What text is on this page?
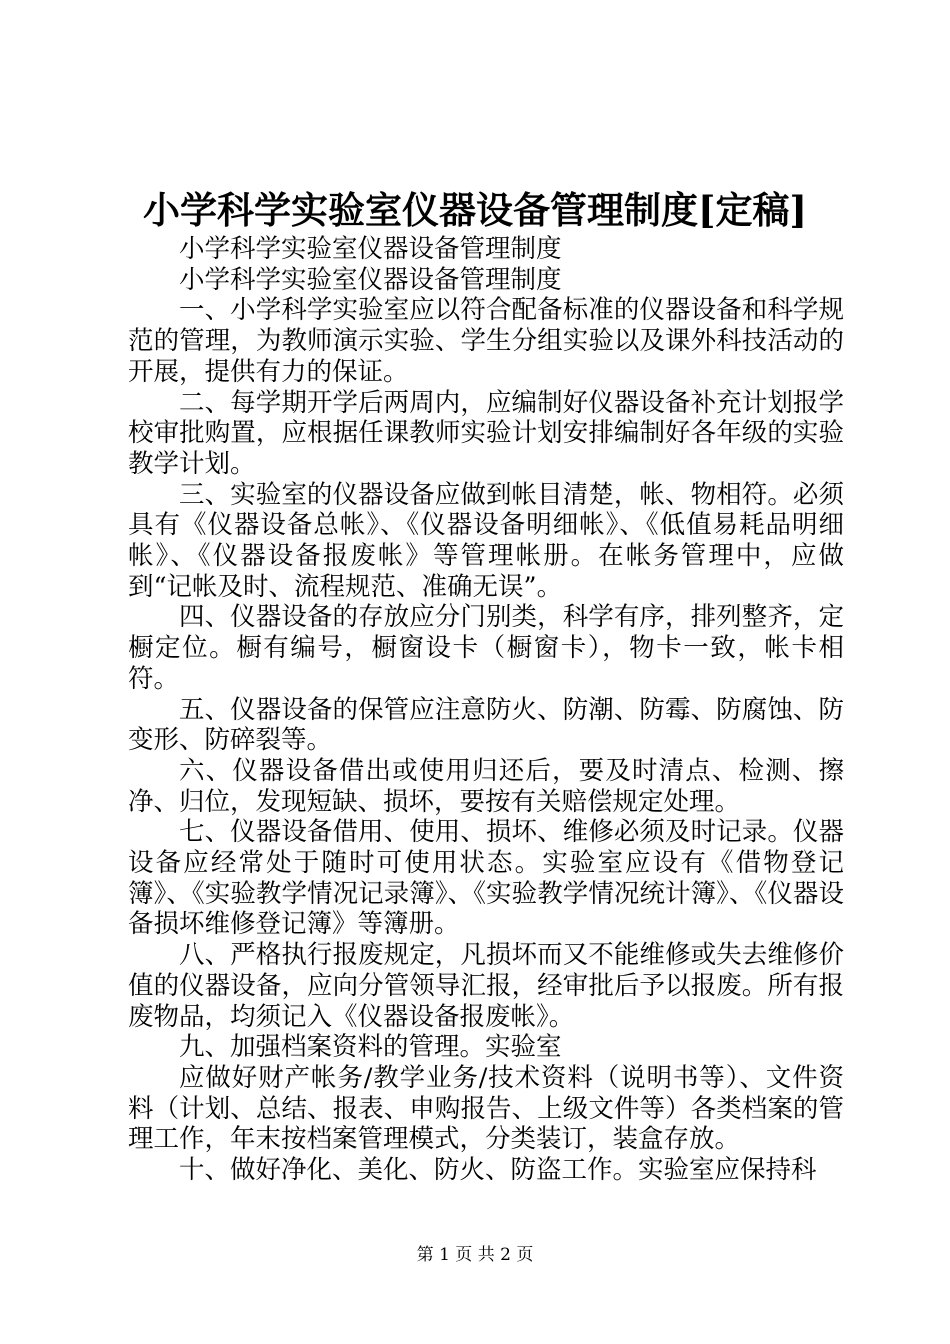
小学科学实验室仪器设备管理制度[定稿]

小学科学实验室仪器设备管理制度

小学科学实验室仪器设备管理制度

一、小学科学实验室应以符合配备标准的仪器设备和科学规范的管理，为教师演示实验、学生分组实验以及课外科技活动的开展，提供有力的保证。

二、每学期开学后两周内，应编制好仪器设备补充计划报学校审批购置，应根据任课教师实验计划安排编制好各年级的实验教学计划。

三、实验室的仪器设备应做到帐目清楚，帐、物相符。必须具有《仪器设备总帐》、《仪器设备明细帐》、《低值易耗品明细帐》、《仪器设备报废帐》等管理帐册。在帐务管理中，应做到“记帐及时、流程规范、准确无误”。

四、仪器设备的存放应分门别类，科学有序，排列整齐，定橱定位。橱有编号，橱窗设卡（橱窗卡），物卡一致，帐卡相符。

五、仪器设备的保管应注意防火、防潮、防霉、防腐蚀、防变形、防碎裂等。

六、仪器设备借出或使用归还后，要及时清点、检测、擦净、归位，发现短缺、损坏，要按有关赔偿规定处理。

七、仪器设备借用、使用、损坏、维修必须及时记录。仪器设备应经常处于随时可使用状态。实验室应设有《借物登记簿》、《实验教学情况记录簿》、《实验教学情况统计簿》、《仪器设备损坏维修登记簿》等簿册。

八、严格执行报废规定，凡损坏而又不能维修或失去维修价值的仪器设备，应向分管领导汇报，经审批后予以报废。所有报废物品，均须记入《仪器设备报废帐》。

九、加强档案资料的管理。实验室

应做好财产帐务/教学业务/技术资料（说明书等）、文件资料（计划、总结、报表、申购报告、上级文件等）各类档案的管理工作，年末按档案管理模式，分类装订，装盒存放。

十、做好净化、美化、防火、防盗工作。实验室应保持科

第 1 页 共 2 页
